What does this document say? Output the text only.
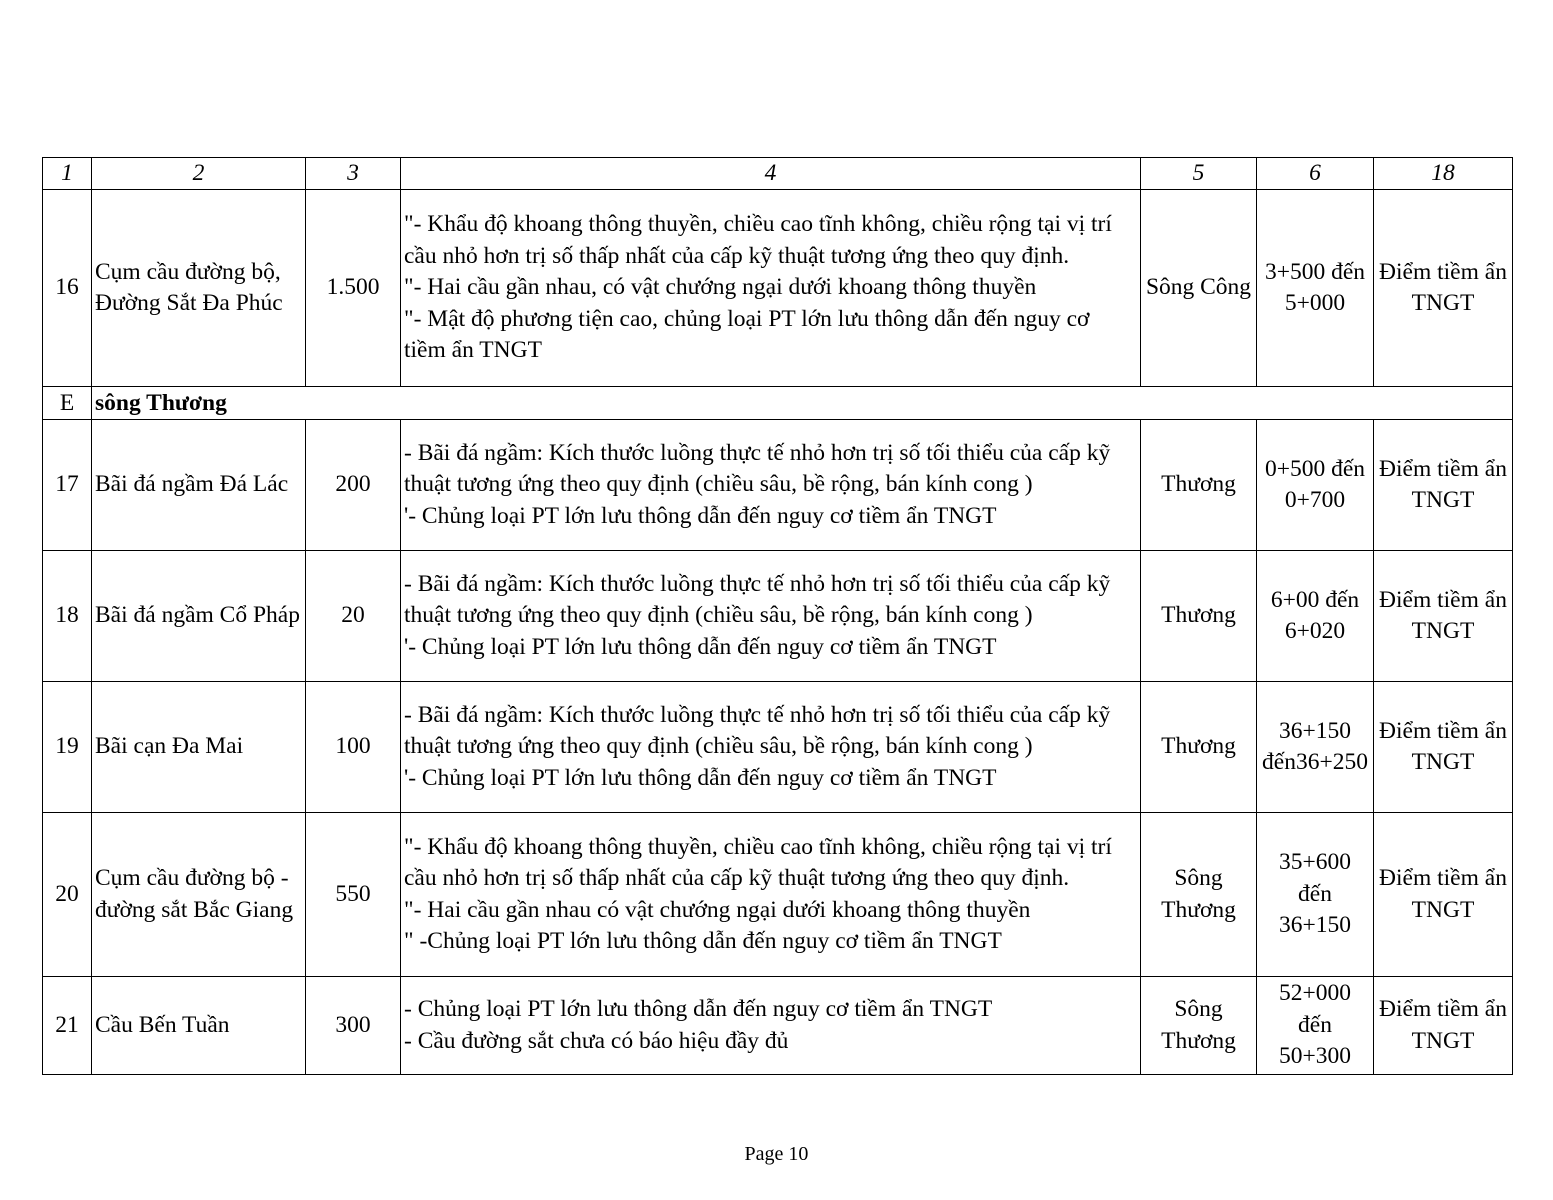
1	2	3	4	5	6	18
16	Cụm cầu đường bộ, Đường Sắt Đa Phúc	1.500	"- Khẩu độ khoang thông thuyền, chiều cao tĩnh không, chiều rộng tại vị trí cầu nhỏ hơn trị số thấp nhất của cấp kỹ thuật tương ứng theo quy định.
"- Hai cầu gần nhau, có vật chướng ngại dưới khoang thông thuyền
"- Mật độ phương tiện cao, chủng loại PT lớn lưu thông dẫn đến nguy cơ tiềm ẩn TNGT	Sông Công	3+500 đến 5+000	Điểm tiềm ẩn TNGT
E	sông Thương					
17	Bãi đá ngầm Đá Lác	200	- Bãi đá ngầm: Kích thước luồng thực tế nhỏ hơn trị số tối thiểu của cấp kỹ thuật tương ứng theo quy định (chiều sâu, bề rộng, bán kính cong )
'- Chủng loại PT lớn lưu thông dẫn đến nguy cơ tiềm ẩn TNGT	Thương	0+500 đến 0+700	Điểm tiềm ẩn TNGT
18	Bãi đá ngầm Cổ Pháp	20	- Bãi đá ngầm: Kích thước luồng thực tế nhỏ hơn trị số tối thiểu của cấp kỹ thuật tương ứng theo quy định (chiều sâu, bề rộng, bán kính cong )
'- Chủng loại PT lớn lưu thông dẫn đến nguy cơ tiềm ẩn TNGT	Thương	6+00 đến 6+020	Điểm tiềm ẩn TNGT
19	Bãi cạn Đa Mai	100	- Bãi đá ngầm: Kích thước luồng thực tế nhỏ hơn trị số tối thiểu của cấp kỹ thuật tương ứng theo quy định (chiều sâu, bề rộng, bán kính cong )
'- Chủng loại PT lớn lưu thông dẫn đến nguy cơ tiềm ẩn TNGT	Thương	36+150 đến36+250	Điểm tiềm ẩn TNGT
20	Cụm cầu đường bộ - đường sắt Bắc Giang	550	"- Khẩu độ khoang thông thuyền, chiều cao tĩnh không, chiều rộng tại vị trí cầu nhỏ hơn trị số thấp nhất của cấp kỹ thuật tương ứng theo quy định.
"- Hai cầu gần nhau có vật chướng ngại dưới khoang thông thuyền
" -Chủng loại PT lớn lưu thông dẫn đến nguy cơ tiềm ẩn TNGT	Sông Thương	35+600 đến 36+150	Điểm tiềm ẩn TNGT
21	Cầu Bến Tuần	300	- Chủng loại PT lớn lưu thông dẫn đến nguy cơ tiềm ẩn TNGT
- Cầu đường sắt chưa có báo hiệu đầy đủ	Sông Thương	52+000 đến 50+300	Điểm tiềm ẩn TNGT
Page 10
